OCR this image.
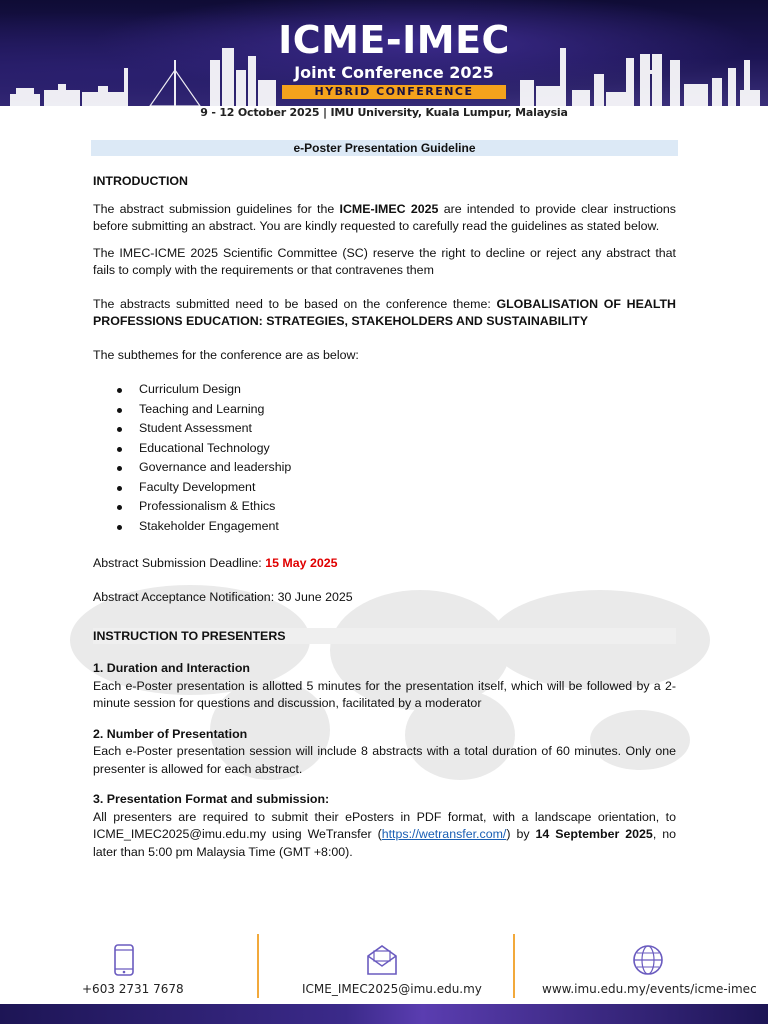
ICME-IMEC
Joint Conference 2025
HYBRID CONFERENCE
9 - 12 October 2025 | IMU University, Kuala Lumpur, Malaysia
e-Poster Presentation Guideline
INTRODUCTION

The abstract submission guidelines for the ICME-IMEC 2025 are intended to provide clear instructions before submitting an abstract. You are kindly requested to carefully read the guidelines as stated below.

The IMEC-ICME 2025 Scientific Committee (SC) reserve the right to decline or reject any abstract that fails to comply with the requirements or that contravenes them

The abstracts submitted need to be based on the conference theme: GLOBALISATION OF HEALTH PROFESSIONS EDUCATION: STRATEGIES, STAKEHOLDERS AND SUSTAINABILITY

The subthemes for the conference are as below:

Curriculum Design
Teaching and Learning
Student Assessment
Educational Technology
Governance and leadership
Faculty Development
Professionalism & Ethics
Stakeholder Engagement

Abstract Submission Deadline: 15 May 2025

Abstract Acceptance Notification: 30 June 2025

INSTRUCTION TO PRESENTERS
1. Duration and Interaction

Each e-Poster presentation is allotted 5 minutes for the presentation itself, which will be followed by a 2-minute session for questions and discussion, facilitated by a moderator

2. Number of Presentation

Each e-Poster presentation session will include 8 abstracts with a total duration of 60 minutes. Only one presenter is allowed for each abstract.

3. Presentation Format and submission:

All presenters are required to submit their ePosters in PDF format, with a landscape orientation, to ICME_IMEC2025@imu.edu.my using WeTransfer (https://wetransfer.com/) by 14 September 2025, no later than 5:00 pm Malaysia Time (GMT +8:00).

+603 2731 7678	ICME_IMEC2025@imu.edu.my	www.imu.edu.my/events/icme-imec
